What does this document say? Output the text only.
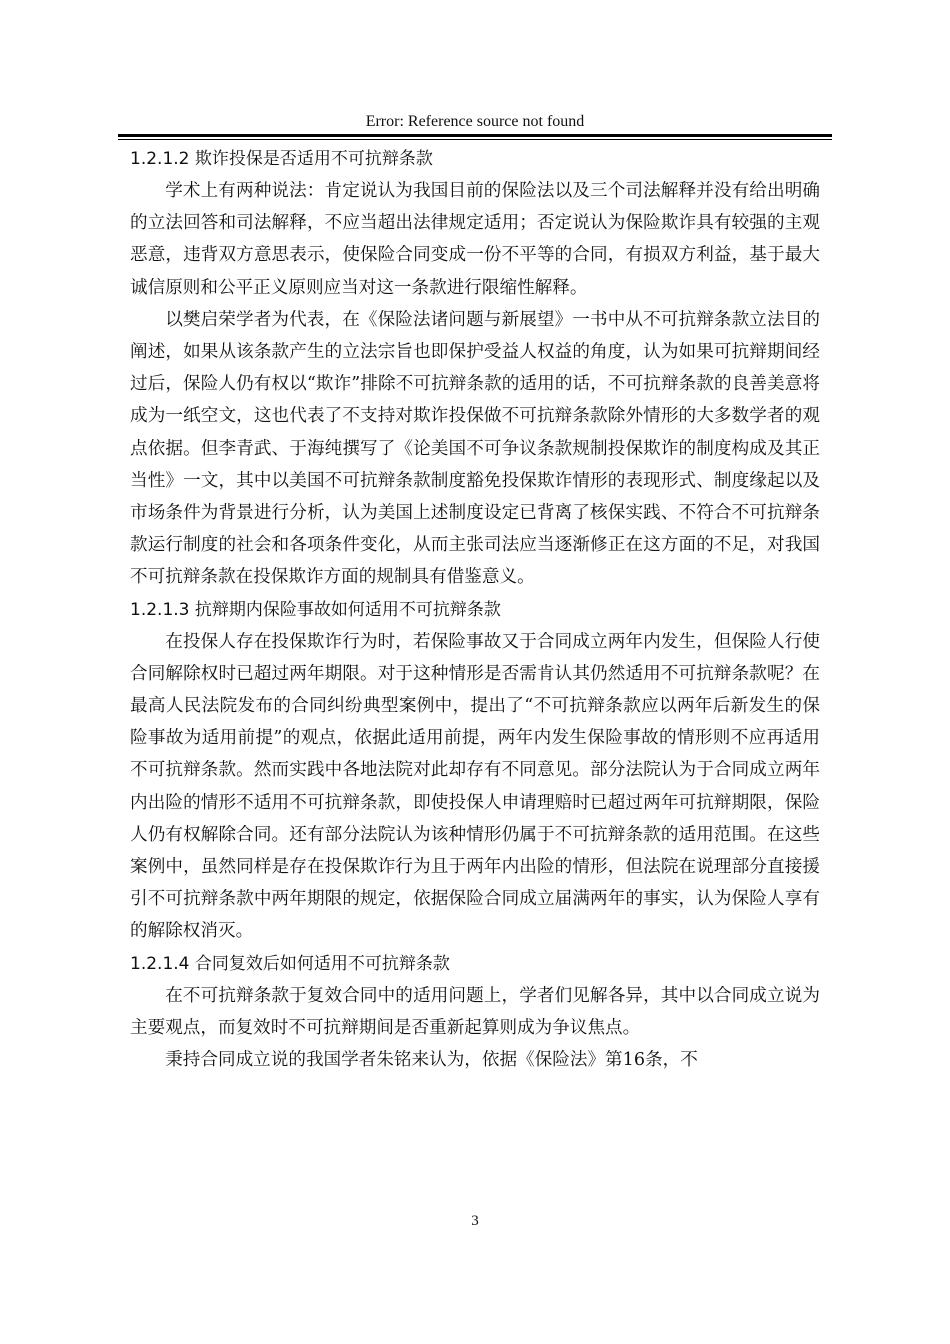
Error: Reference source not found
1.2.1.2 欺诈投保是否适用不可抗辩条款

学术上有两种说法：肯定说认为我国目前的保险法以及三个司法解释并没有给出明确的立法回答和司法解释，不应当超出法律规定适用；否定说认为保险欺诈具有较强的主观恶意，违背双方意思表示，使保险合同变成一份不平等的合同，有损双方利益，基于最大诚信原则和公平正义原则应当对这一条款进行限缩性解释。

以樊启荣学者为代表，在《保险法诸问题与新展望》一书中从不可抗辩条款立法目的阐述，如果从该条款产生的立法宗旨也即保护受益人权益的角度，认为如果可抗辩期间经过后，保险人仍有权以“欺诈”排除不可抗辩条款的适用的话，不可抗辩条款的良善美意将成为一纸空文，这也代表了不支持对欺诈投保做不可抗辩条款除外情形的大多数学者的观点依据。但李青武、于海纯撰写了《论美国不可争议条款规制投保欺诈的制度构成及其正当性》一文，其中以美国不可抗辩条款制度豁免投保欺诈情形的表现形式、制度缘起以及市场条件为背景进行分析，认为美国上述制度设定已背离了核保实践、不符合不可抗辩条款运行制度的社会和各项条件变化，从而主张司法应当逐渐修正在这方面的不足，对我国不可抗辩条款在投保欺诈方面的规制具有借鉴意义。

1.2.1.3 抗辩期内保险事故如何适用不可抗辩条款

在投保人存在投保欺诈行为时，若保险事故又于合同成立两年内发生，但保险人行使合同解除权时已超过两年期限。对于这种情形是否需肯认其仍然适用不可抗辩条款呢？在最高人民法院发布的合同纠纷典型案例中，提出了“不可抗辩条款应以两年后新发生的保险事故为适用前提”的观点，依据此适用前提，两年内发生保险事故的情形则不应再适用不可抗辩条款。然而实践中各地法院对此却存有不同意见。部分法院认为于合同成立两年内出险的情形不适用不可抗辩条款，即使投保人申请理赔时已超过两年可抗辩期限，保险人仍有权解除合同。还有部分法院认为该种情形仍属于不可抗辩条款的适用范围。在这些案例中，虽然同样是存在投保欺诈行为且于两年内出险的情形，但法院在说理部分直接援引不可抗辩条款中两年期限的规定，依据保险合同成立届满两年的事实，认为保险人享有的解除权消灭。

1.2.1.4 合同复效后如何适用不可抗辩条款

在不可抗辩条款于复效合同中的适用问题上，学者们见解各异，其中以合同成立说为主要观点，而复效时不可抗辩期间是否重新起算则成为争议焦点。

秉持合同成立说的我国学者朱铭来认为，依据《保险法》第16条，不

3
